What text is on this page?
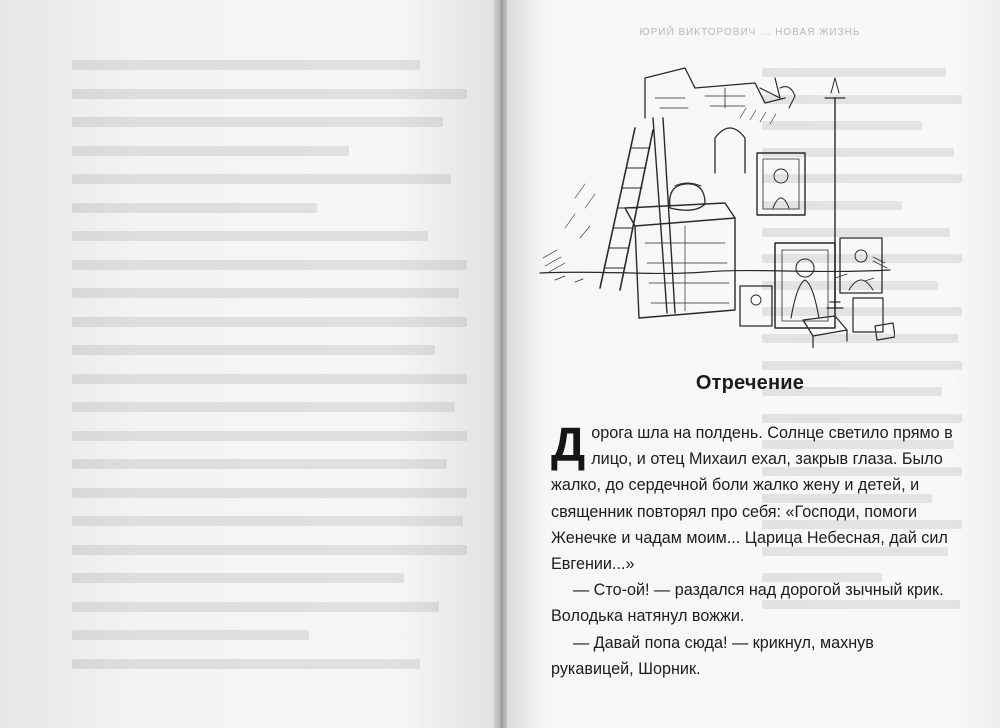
ЮРИЙ ВИКТОРОВИЧ ... НОВАЯ ЖИЗНЬ
Отречение

Дорога шла на полдень. Солнце светило прямо в лицо, и отец Михаил ехал, закрыв глаза. Было жалко, до сердечной боли жалко жену и детей, и священник повторял про себя: «Господи, помоги Женечке и чадам моим... Царица Небесная, дай сил Евгении...»

— Сто-ой! — раздался над дорогой зычный крик. Володька натянул вожжи.

— Давай попа сюда! — крикнул, махнув рукавицей, Шорник.
